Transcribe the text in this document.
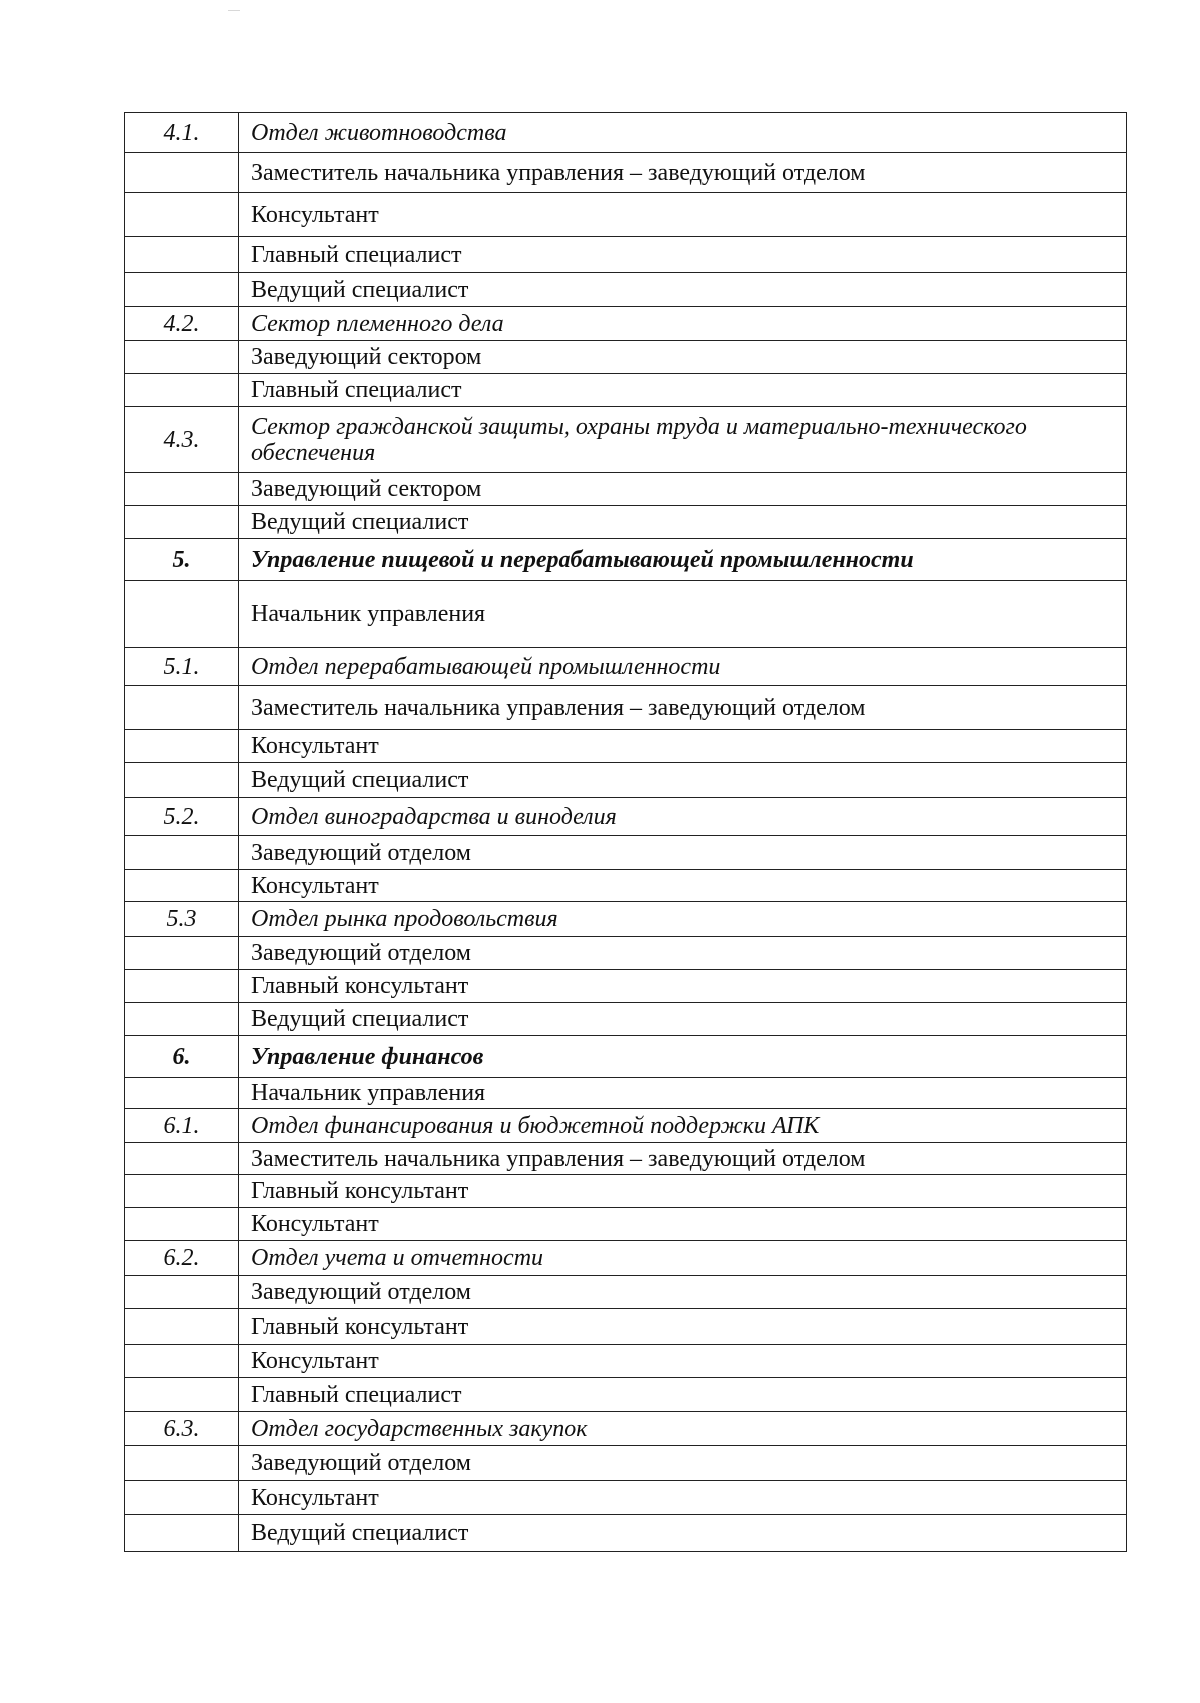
4.1.	Отдел животноводства
	Заместитель начальника управления – заведующий отделом
	Консультант
	Главный специалист
	Ведущий специалист
4.2.	Сектор племенного дела
	Заведующий сектором
	Главный специалист
4.3.	Сектор гражданской защиты, охраны труда и материально-технического обеспечения
	Заведующий сектором
	Ведущий специалист
5.	Управление пищевой и перерабатывающей промышленности
	Начальник управления
5.1.	Отдел перерабатывающей промышленности
	Заместитель начальника управления – заведующий отделом
	Консультант
	Ведущий специалист
5.2.	Отдел виноградарства и виноделия
	Заведующий отделом
	Консультант
5.3	Отдел рынка продовольствия
	Заведующий отделом
	Главный консультант
	Ведущий специалист
6.	Управление финансов
	Начальник управления
6.1.	Отдел финансирования и бюджетной поддержки АПК
	Заместитель начальника управления – заведующий отделом
	Главный консультант
	Консультант
6.2.	Отдел учета и отчетности
	Заведующий отделом
	Главный консультант
	Консультант
	Главный специалист
6.3.	Отдел государственных закупок
	Заведующий отделом
	Консультант
	Ведущий специалист
